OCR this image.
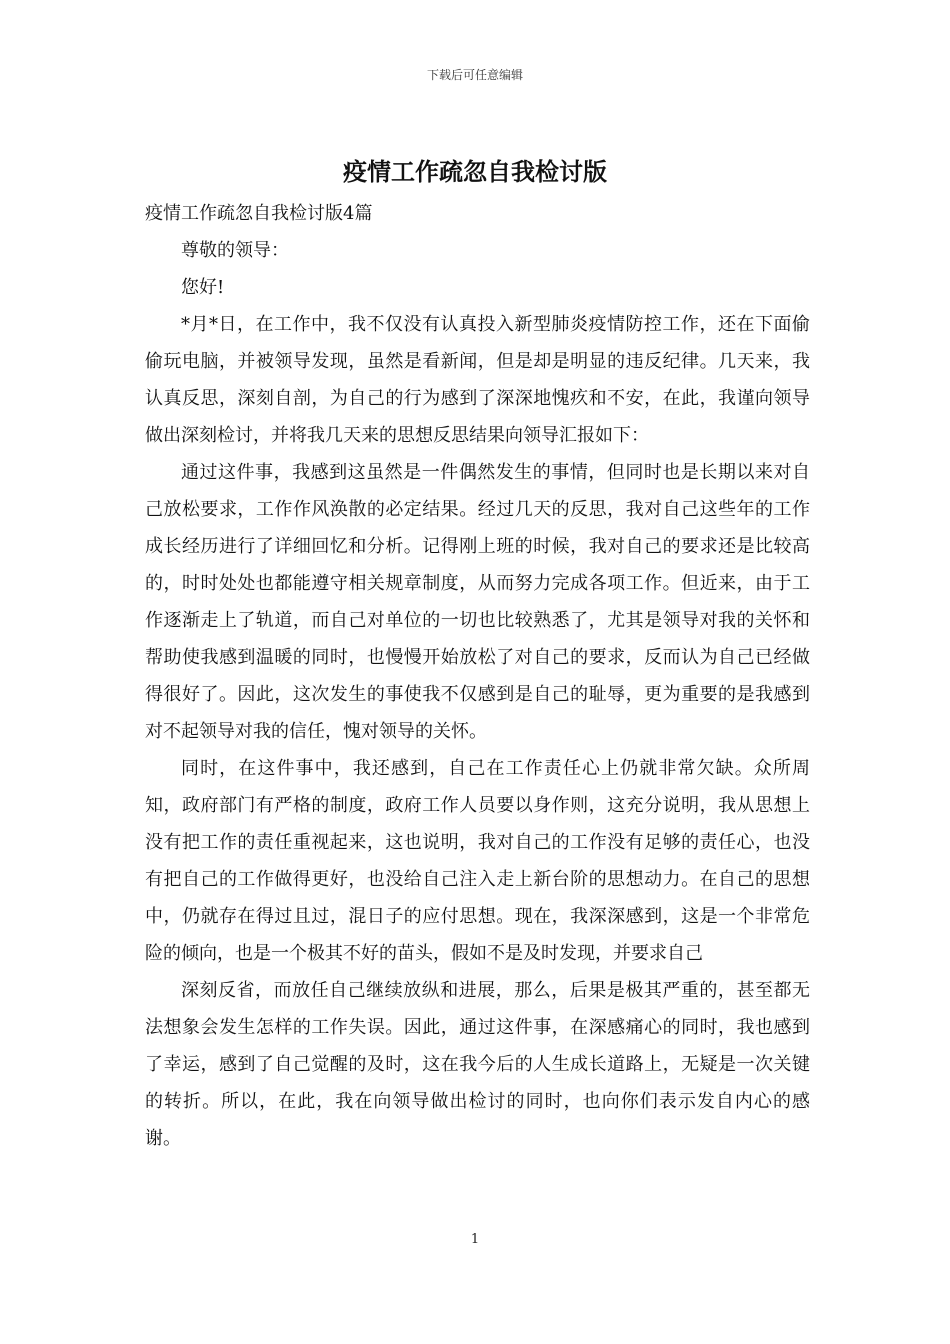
下载后可任意编辑
疫情工作疏忽自我检讨版

疫情工作疏忽自我检讨版4篇

尊敬的领导：

您好!

*月*日，在工作中，我不仅没有认真投入新型肺炎疫情防控工作，还在下面偷偷玩电脑，并被领导发现，虽然是看新闻，但是却是明显的违反纪律。几天来，我认真反思，深刻自剖，为自己的行为感到了深深地愧疚和不安，在此，我谨向领导做出深刻检讨，并将我几天来的思想反思结果向领导汇报如下：

通过这件事，我感到这虽然是一件偶然发生的事情，但同时也是长期以来对自己放松要求，工作作风涣散的必定结果。经过几天的反思，我对自己这些年的工作成长经历进行了详细回忆和分析。记得刚上班的时候，我对自己的要求还是比较高的，时时处处也都能遵守相关规章制度，从而努力完成各项工作。但近来，由于工作逐渐走上了轨道，而自己对单位的一切也比较熟悉了，尤其是领导对我的关怀和帮助使我感到温暖的同时，也慢慢开始放松了对自己的要求，反而认为自己已经做得很好了。因此，这次发生的事使我不仅感到是自己的耻辱，更为重要的是我感到对不起领导对我的信任，愧对领导的关怀。

同时，在这件事中，我还感到，自己在工作责任心上仍就非常欠缺。众所周知，政府部门有严格的制度，政府工作人员要以身作则，这充分说明，我从思想上没有把工作的责任重视起来，这也说明，我对自己的工作没有足够的责任心，也没有把自己的工作做得更好，也没给自己注入走上新台阶的思想动力。在自己的思想中，仍就存在得过且过，混日子的应付思想。现在，我深深感到，这是一个非常危险的倾向，也是一个极其不好的苗头，假如不是及时发现，并要求自己

深刻反省，而放任自己继续放纵和进展，那么，后果是极其严重的，甚至都无法想象会发生怎样的工作失误。因此，通过这件事，在深感痛心的同时，我也感到了幸运，感到了自己觉醒的及时，这在我今后的人生成长道路上，无疑是一次关键的转折。所以，在此，我在向领导做出检讨的同时，也向你们表示发自内心的感谢。

1
